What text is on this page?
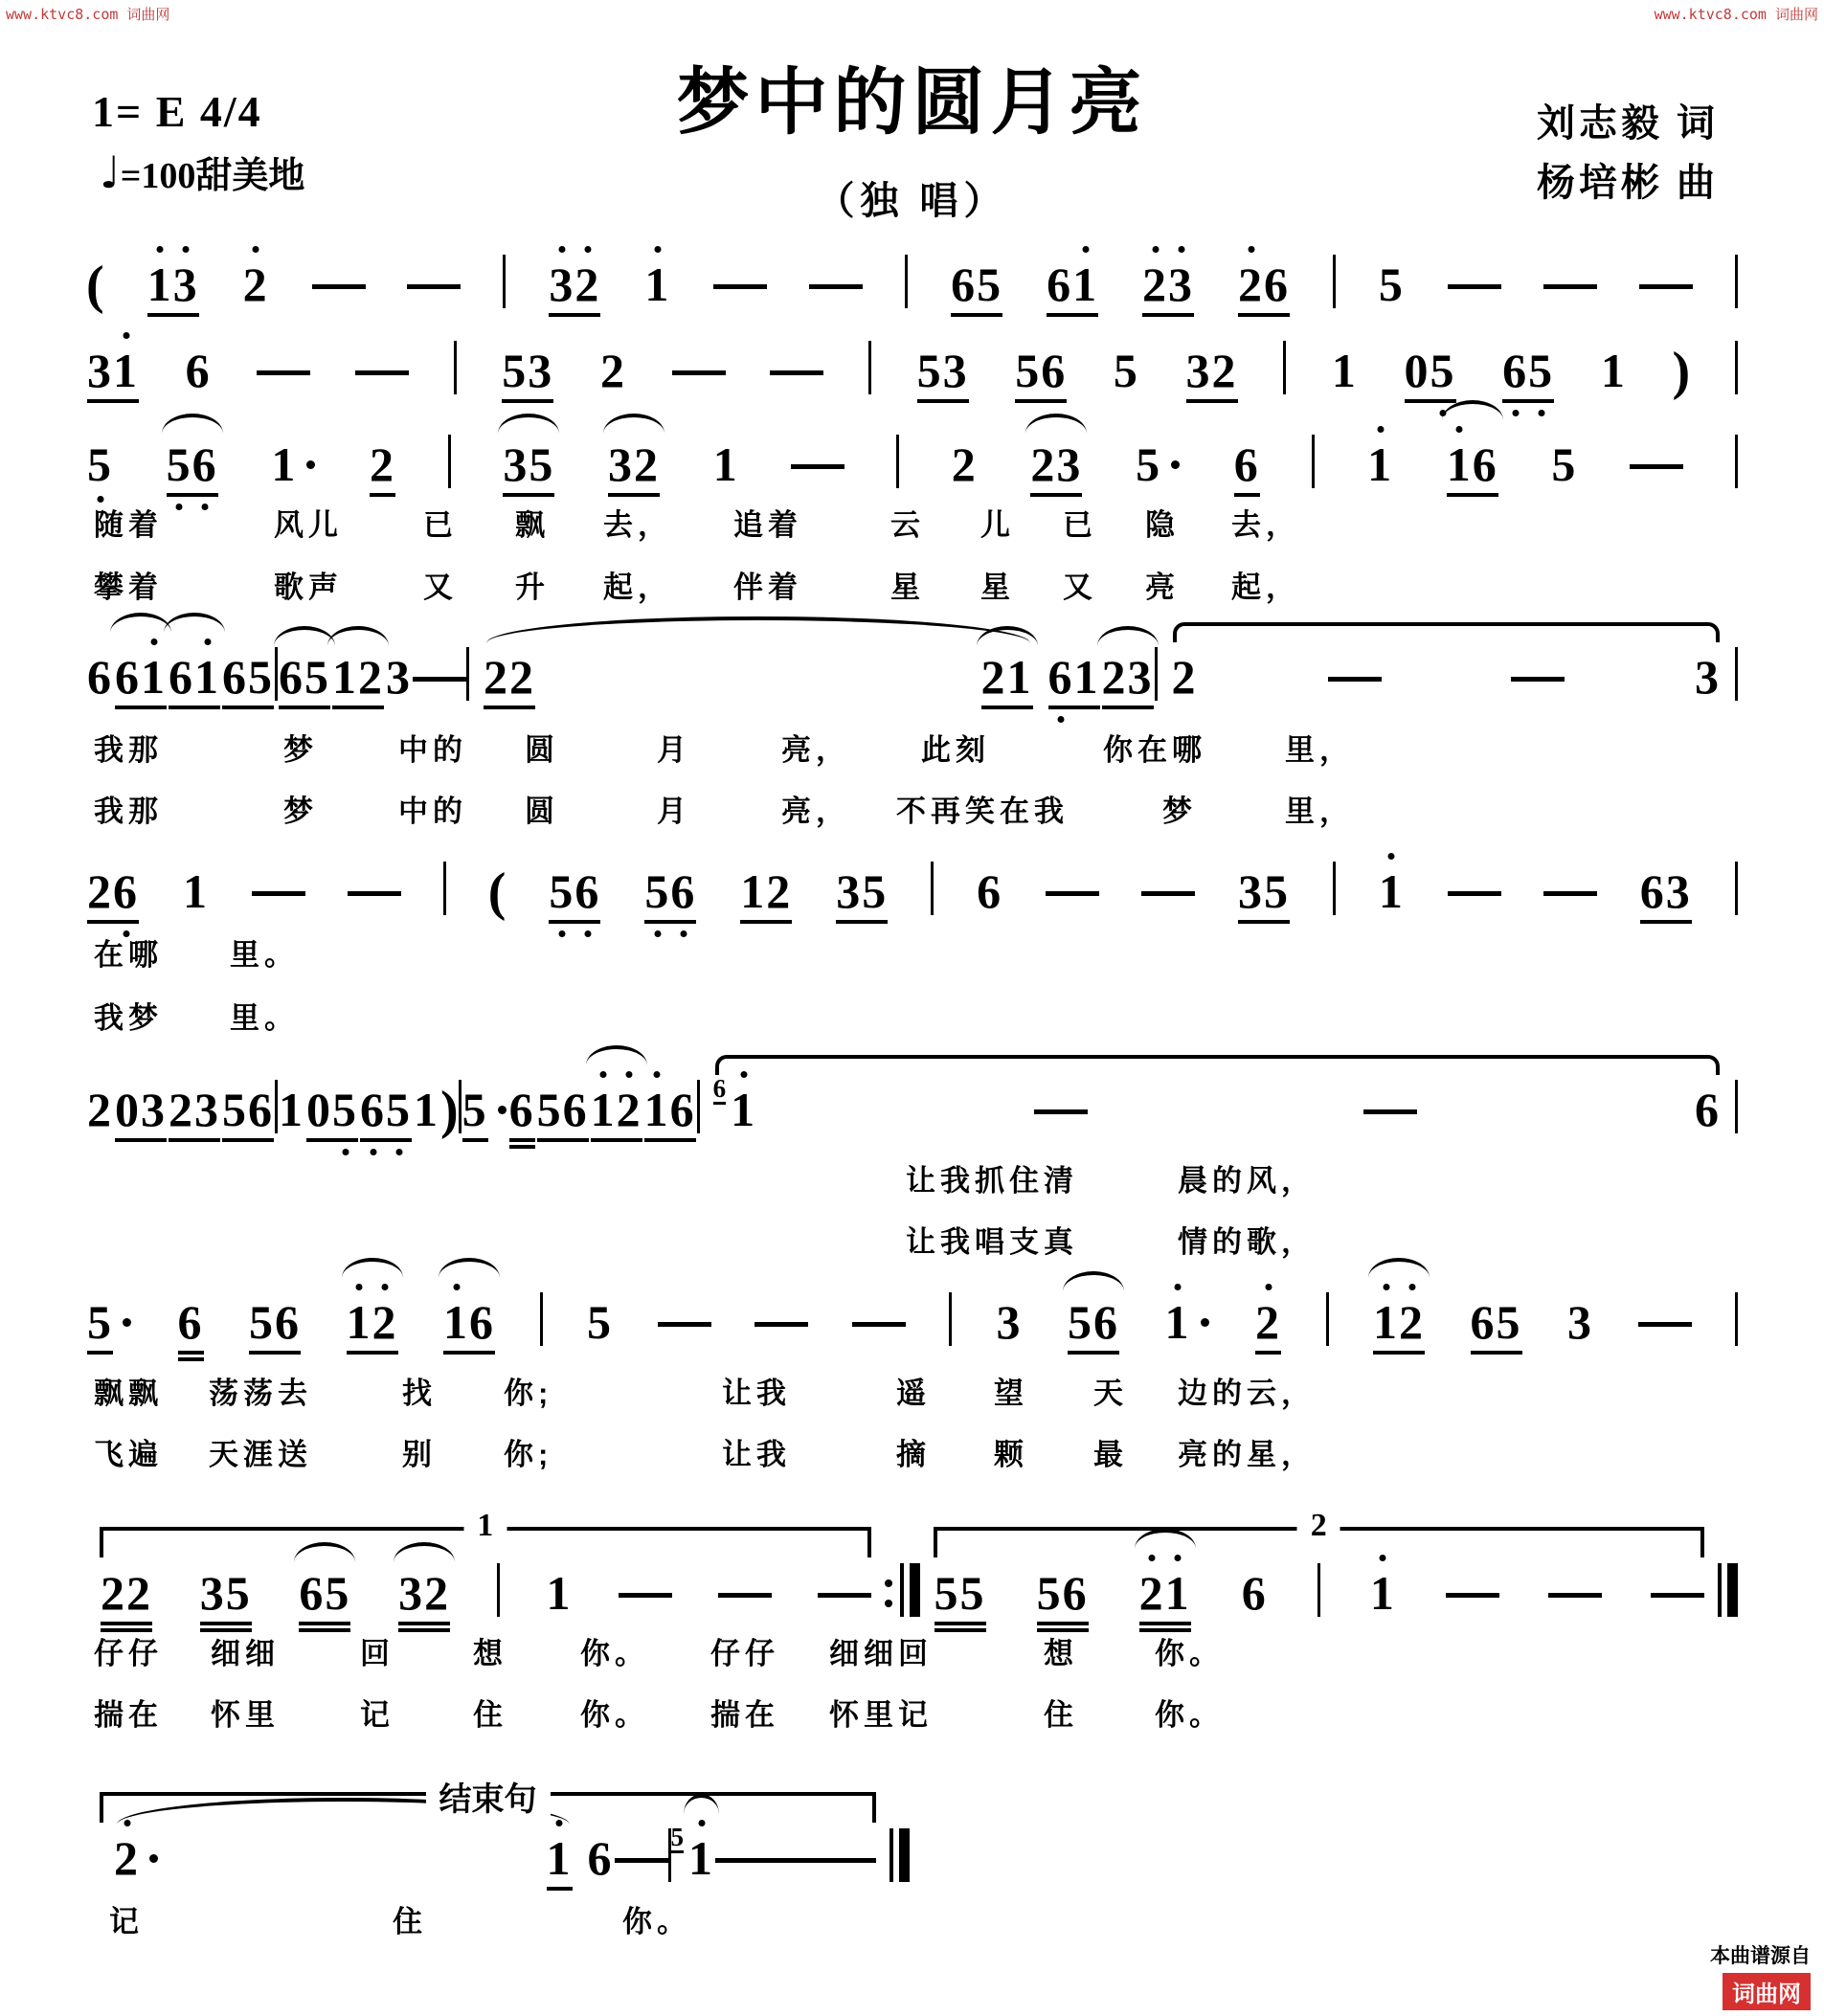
www.ktvc8.com 词曲网	www.ktvc8.com 词曲网
1= E 4/4
♩=100甜美地
梦中的圆月亮
（独 唱）
刘志毅 词
杨培彬 曲
( 1
3 2	3
2 1	65 61 2
3 2
6 5
31 6	53 2	53 56 5 32 1 05 6
5 1 )
5 5
6 1 2 35 32 1	2 23 5 6 1 1
6 5
6 61 61 65 65 12 3 22	21 6
1 23 2	3
26 1	( 5
6 5
6 12 35 6	35 1	63
2 03 23 56 1 05 6
5 1 ) 5 6 56 1
2 1
6 6 1	6
5 6 56 1
2 1
6 5	3 56 1 2 1
2 65 3
1
22 35 65 32 1
2
55 56 2
1 6 1
结束句
2	1 6 5 1
随着	风儿	已 飘 去， 追着	云 儿 已 隐 去，
攀着	歌声	又 升 起， 伴着	星 星 又 亮 起，
我那	梦	中的 圆	月	亮， 此刻	你在哪	里，
我那	梦	中的 圆	月	亮， 不再笑在我	梦	里，
在哪 里。
我梦 里。
让我抓住清	晨的风，
让我唱支真	情的歌，
飘飘 荡荡去	找 你;	让我	遥 望 天 边的云，
飞遍 天涯送	别 你;	让我	摘 颗 最 亮的星，
仔仔 细细	回	想 你。 仔仔 细细回	想	你。
揣在 怀里	记	住 你。 揣在 怀里记	住	你。
记	住	你。
本曲谱源自
词曲网
